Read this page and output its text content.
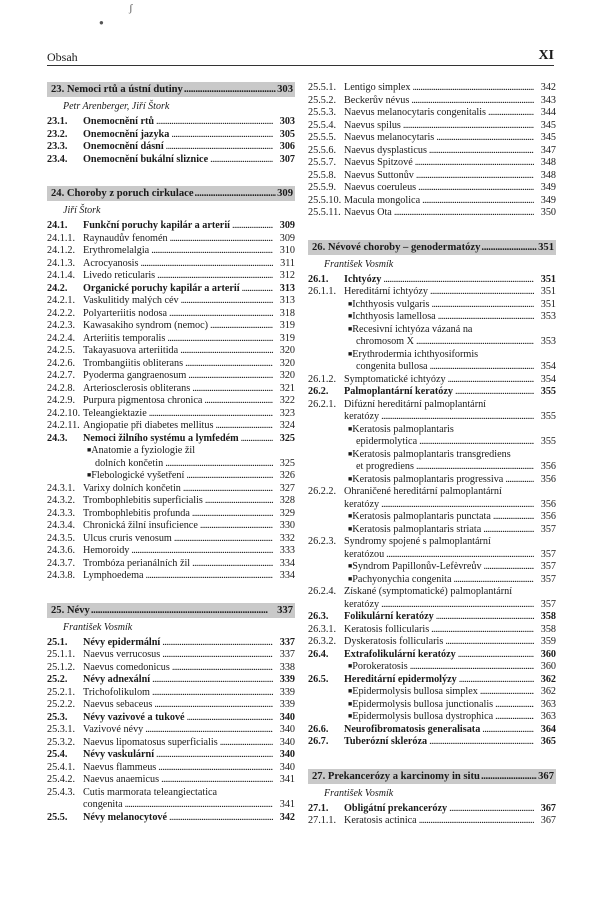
ʃ
●
Obsah	XI
23. Nemoci rtů a ústní dutiny . . .	303
Petr Arenberger, Jiří Štork
23.1.	Onemocnění rtů . . .	303
23.2.	Onemocnění jazyka . . .	305
23.3.	Onemocnění dásní . . .	306
23.4.	Onemocnění bukální sliznice . . .	307
24. Choroby z poruch cirkulace . . .	309
Jiří Štork
24.1.	Funkční poruchy kapilár a arterií . . .	309
24.1.1. Raynaudův fenomén . . .	309
24.1.2. Erythromelalgia . . .	310
24.1.3. Acrocyanosis . . .	311
24.1.4. Livedo reticularis . . .	312
24.2.	Organické poruchy kapilár a arterií . . .	313
24.2.1. Vaskulitidy malých cév . . .	313
24.2.2. Polyarteriitis nodosa . . .	318
24.2.3. Kawasakiho syndrom (nemoc) . . .	319
24.2.4. Arteriitis temporalis . . .	319
24.2.5. Takayasuova arteriitida . . .	320
24.2.6. Trombangiitis obliterans . . .	320
24.2.7. Pyoderma gangraenosum . . .	320
24.2.8. Arteriosclerosis obliterans . . .	321
24.2.9. Purpura pigmentosa chronica . . .	322
24.2.10. Teleangiektazie . . .	323
24.2.11. Angiopatie při diabetes mellitus . . .	324
24.3.	Nemoci žilního systému a lymfedém . . .	325
■ Anatomie a fyziologie žil
dolních končetin . . .	325
■ Flebologické vyšetření . . .	326
24.3.1. Varixy dolních končetin . . .	327
24.3.2. Trombophlebitis superficialis . . .	328
24.3.3. Trombophlebitis profunda . . .	329
24.3.4. Chronická žilní insuficience . . .	330
24.3.5. Ulcus cruris venosum . . .	332
24.3.6. Hemoroidy . . .	333
24.3.7. Trombóza perianálních žil . . .	334
24.3.8. Lymphoedema . . .	334
25. Névy . . .	337
František Vosmík
25.1.	Névy epidermální . . .	337
25.1.1. Naevus verrucosus . . .	337
25.1.2. Naevus comedonicus . . .	338
25.2.	Névy adnexální . . .	339
25.2.1. Trichofolikulom . . .	339
25.2.2. Naevus sebaceus . . .	339
25.3.	Névy vazivové a tukové . . .	340
25.3.1. Vazivové névy . . .	340
25.3.2. Naevus lipomatosus superficialis . . .	340
25.4.	Névy vaskulární . . .	340
25.4.1. Naevus flammeus . . .	340
25.4.2. Naevus anaemicus . . .	341
25.4.3. Cutis marmorata teleangiectatica
congenita . . .	341
25.5.	Névy melanocytové . . .	342
25.5.1. Lentigo simplex . . .	342
25.5.2. Beckerův névus . . .	343
25.5.3. Naevus melanocytaris congenitalis . . .	344
25.5.4. Naevus spilus . . .	345
25.5.5. Naevus melanocytaris . . .	345
25.5.6. Naevus dysplasticus . . .	347
25.5.7. Naevus Spitzové . . .	348
25.5.8. Naevus Suttonův . . .	348
25.5.9. Naevus coeruleus . . .	349
25.5.10. Macula mongolica . . .	349
25.5.11. Naevus Ota . . .	350
26. Névové choroby – genodermatózy . . .	351
František Vosmík
26.1.	Ichtyózy . . .	351
26.1.1. Hereditární ichtyózy . . .	351
■ Ichthyosis vulgaris . . .	351
■ Ichthyosis lamellosa . . .	353
■ Recesivní ichtyóza vázaná na
chromosom X . . .	353
■ Erythrodermia ichthyosiformis
congenita bullosa . . .	354
26.1.2. Symptomatické ichtyózy . . .	354
26.2.	Palmoplantární keratózy . . .	355
26.2.1. Difúzní hereditární palmoplantární
keratózy . . .	355
■ Keratosis palmoplantaris
epidermolytica . . .	355
■ Keratosis palmoplantaris transgrediens
et progrediens . . .	356
■ Keratosis palmoplantaris progressiva . . .	356
26.2.2. Ohraničené hereditární palmoplantární
keratózy . . .	356
■ Keratosis palmoplantaris punctata . . .	356
■ Keratosis palmoplantaris striata . . .	357
26.2.3. Syndromy spojené s palmoplantární
keratózou . . .	357
■ Syndrom Papillonův-Lefèvreův . . .	357
■ Pachyonychia congenita . . .	357
26.2.4. Získané (symptomatické) palmoplantární
keratózy . . .	357
26.3.	Folikulární keratózy . . .	358
26.3.1. Keratosis follicularis . . .	358
26.3.2. Dyskeratosis follicularis . . .	359
26.4.	Extrafolikulární keratózy . . .	360
■ Porokeratosis . . .	360
26.5.	Hereditární epidermolýzy . . .	362
■ Epidermolysis bullosa simplex . . .	362
■ Epidermolysis bullosa junctionalis . . .	363
■ Epidermolysis bullosa dystrophica . . .	363
26.6.	Neurofibromatosis generalisata . . .	364
26.7.	Tuberózní skleróza . . .	365
27. Prekancerózy a karcinomy in situ . . .	367
František Vosmík
27.1.	Obligátní prekancerózy . . .	367
27.1.1. Keratosis actinica . . .	367
